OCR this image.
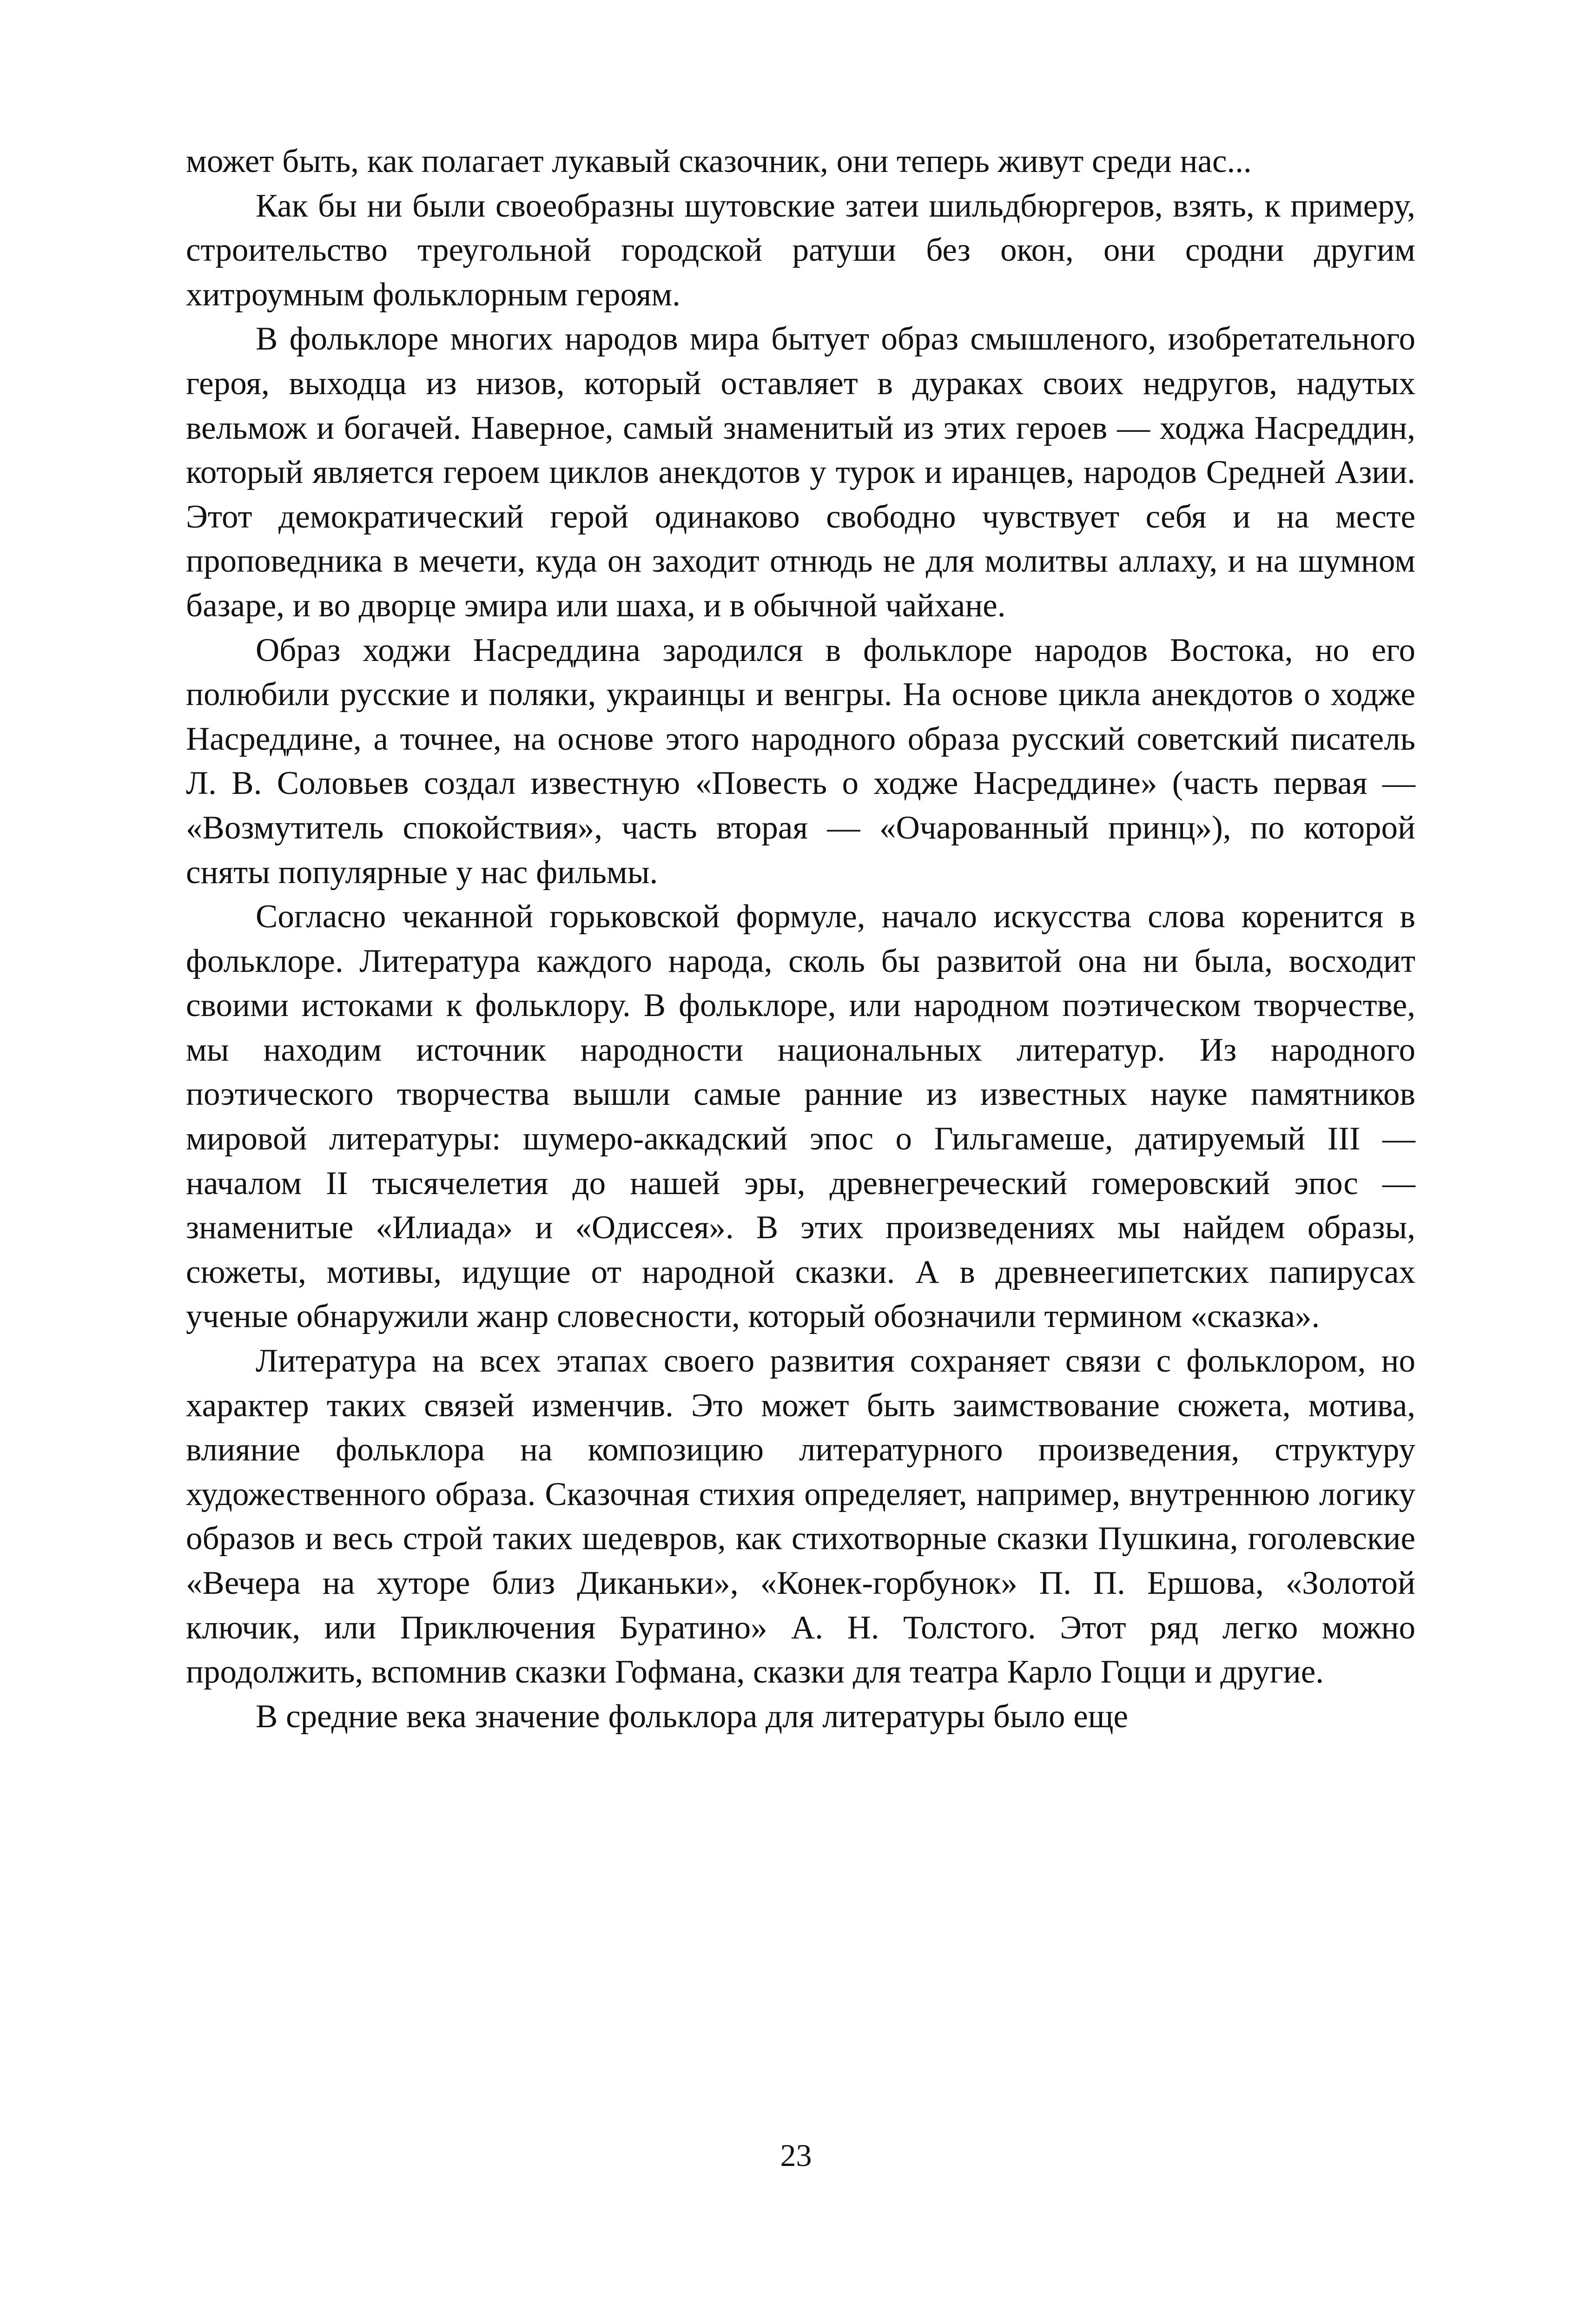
может быть, как полагает лукавый сказочник, они теперь живут среди нас...

Как бы ни были своеобразны шутовские затеи шильдбюргеров, взять, к примеру, строительство треугольной городской ратуши без окон, они сродни другим хитроумным фольклорным героям.

В фольклоре многих народов мира бытует образ смышленого, изобретательного героя, выходца из низов, который оставляет в дураках своих недругов, надутых вельмож и богачей. Наверное, самый знаменитый из этих героев — ходжа Насреддин, который является героем циклов анекдотов у турок и иранцев, народов Средней Азии. Этот демократический герой одинаково свободно чувствует себя и на месте проповедника в мечети, куда он заходит отнюдь не для молитвы аллаху, и на шумном базаре, и во дворце эмира или шаха, и в обычной чайхане.

Образ ходжи Насреддина зародился в фольклоре народов Востока, но его полюбили русские и поляки, украинцы и венгры. На основе цикла анекдотов о ходже Насреддине, а точнее, на основе этого народного образа русский советский писатель Л. В. Соловьев создал известную «Повесть о ходже Насреддине» (часть первая — «Возмутитель спокойствия», часть вторая — «Очарованный принц»), по которой сняты популярные у нас фильмы.

Согласно чеканной горьковской формуле, начало искусства слова коренится в фольклоре. Литература каждого народа, сколь бы развитой она ни была, восходит своими истоками к фольклору. В фольклоре, или народном поэтическом творчестве, мы находим источник народности национальных литератур. Из народного поэтического творчества вышли самые ранние из известных науке памятников мировой литературы: шумеро-аккадский эпос о Гильгамеше, датируемый III — началом II тысячелетия до нашей эры, древнегреческий гомеровский эпос — знаменитые «Илиада» и «Одиссея». В этих произведениях мы найдем образы, сюжеты, мотивы, идущие от народной сказки. А в древнеегипетских папирусах ученые обнаружили жанр словесности, который обозначили термином «сказка».

Литература на всех этапах своего развития сохраняет связи с фольклором, но характер таких связей изменчив. Это может быть заимствование сюжета, мотива, влияние фольклора на композицию литературного произведения, структуру художественного образа. Сказочная стихия определяет, например, внутреннюю логику образов и весь строй таких шедевров, как стихотворные сказки Пушкина, гоголевские «Вечера на хуторе близ Диканьки», «Конек-горбунок» П. П. Ершова, «Золотой ключик, или Приключения Буратино» А. Н. Толстого. Этот ряд легко можно продолжить, вспомнив сказки Гофмана, сказки для театра Карло Гоцци и другие.

В средние века значение фольклора для литературы было еще

23
